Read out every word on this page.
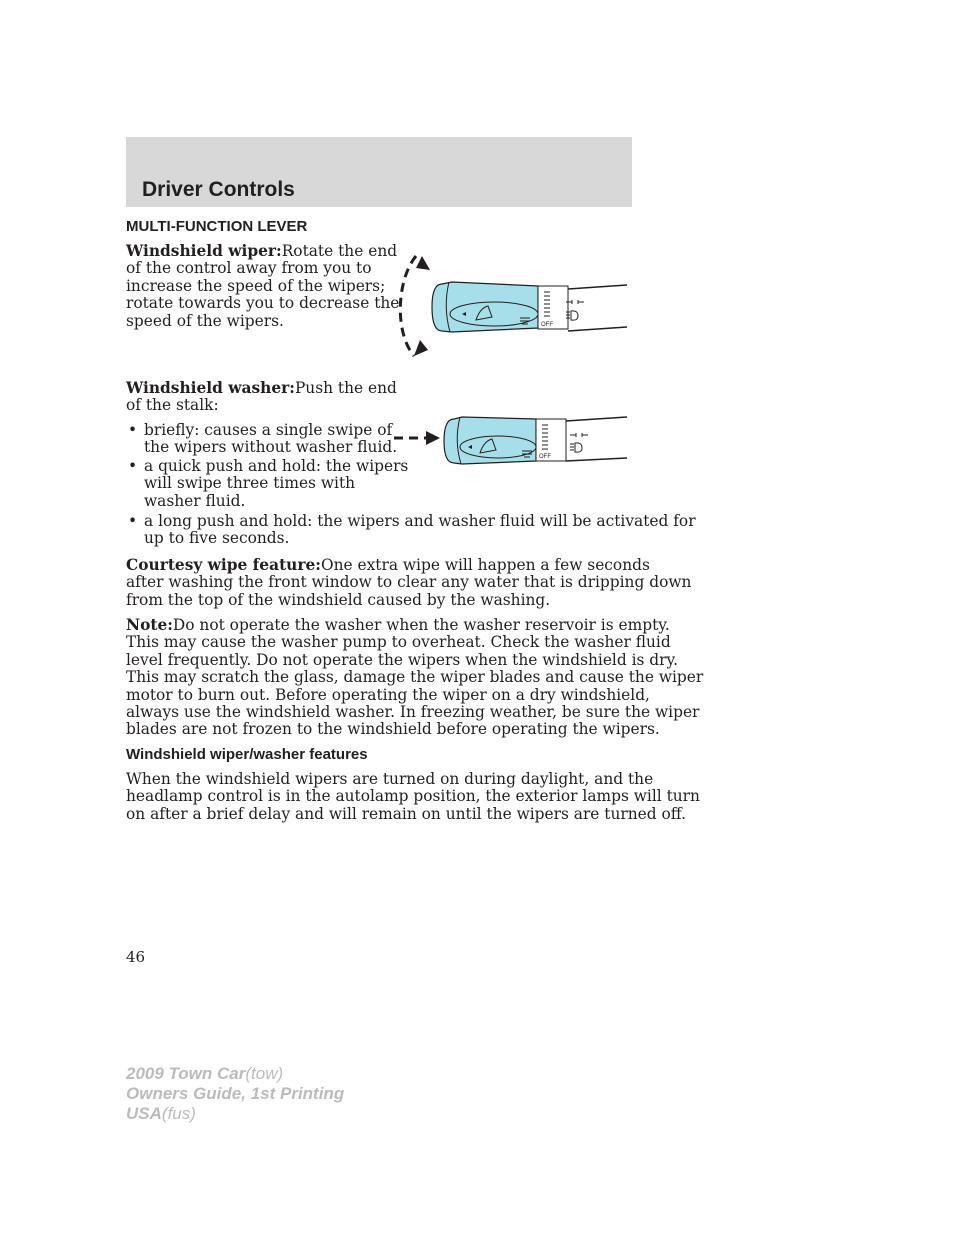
Driver Controls
MULTI-FUNCTION LEVER

Windshield wiper:Rotate the end
of the control away from you to
increase the speed of the wipers;
rotate towards you to decrease the
speed of the wipers.

Windshield washer:Push the end
of the stalk:

• briefly: causes a single swipe of
the wipers without washer fluid.

• a quick push and hold: the wipers
will swipe three times with
washer fluid.

• a long push and hold: the wipers and washer fluid will be activated for
up to five seconds.

Courtesy wipe feature:One extra wipe will happen a few seconds
after washing the front window to clear any water that is dripping down
from the top of the windshield caused by the washing.

Note:Do not operate the washer when the washer reservoir is empty.
This may cause the washer pump to overheat. Check the washer fluid
level frequently. Do not operate the wipers when the windshield is dry.
This may scratch the glass, damage the wiper blades and cause the wiper
motor to burn out. Before operating the wiper on a dry windshield,
always use the windshield washer. In freezing weather, be sure the wiper
blades are not frozen to the windshield before operating the wipers.

Windshield wiper/washer features

When the windshield wipers are turned on during daylight, and the
headlamp control is in the autolamp position, the exterior lamps will turn
on after a brief delay and will remain on until the wipers are turned off.

OFF
OFF
46
2009 Town Car(tow)
Owners Guide, 1st Printing
USA(fus)
